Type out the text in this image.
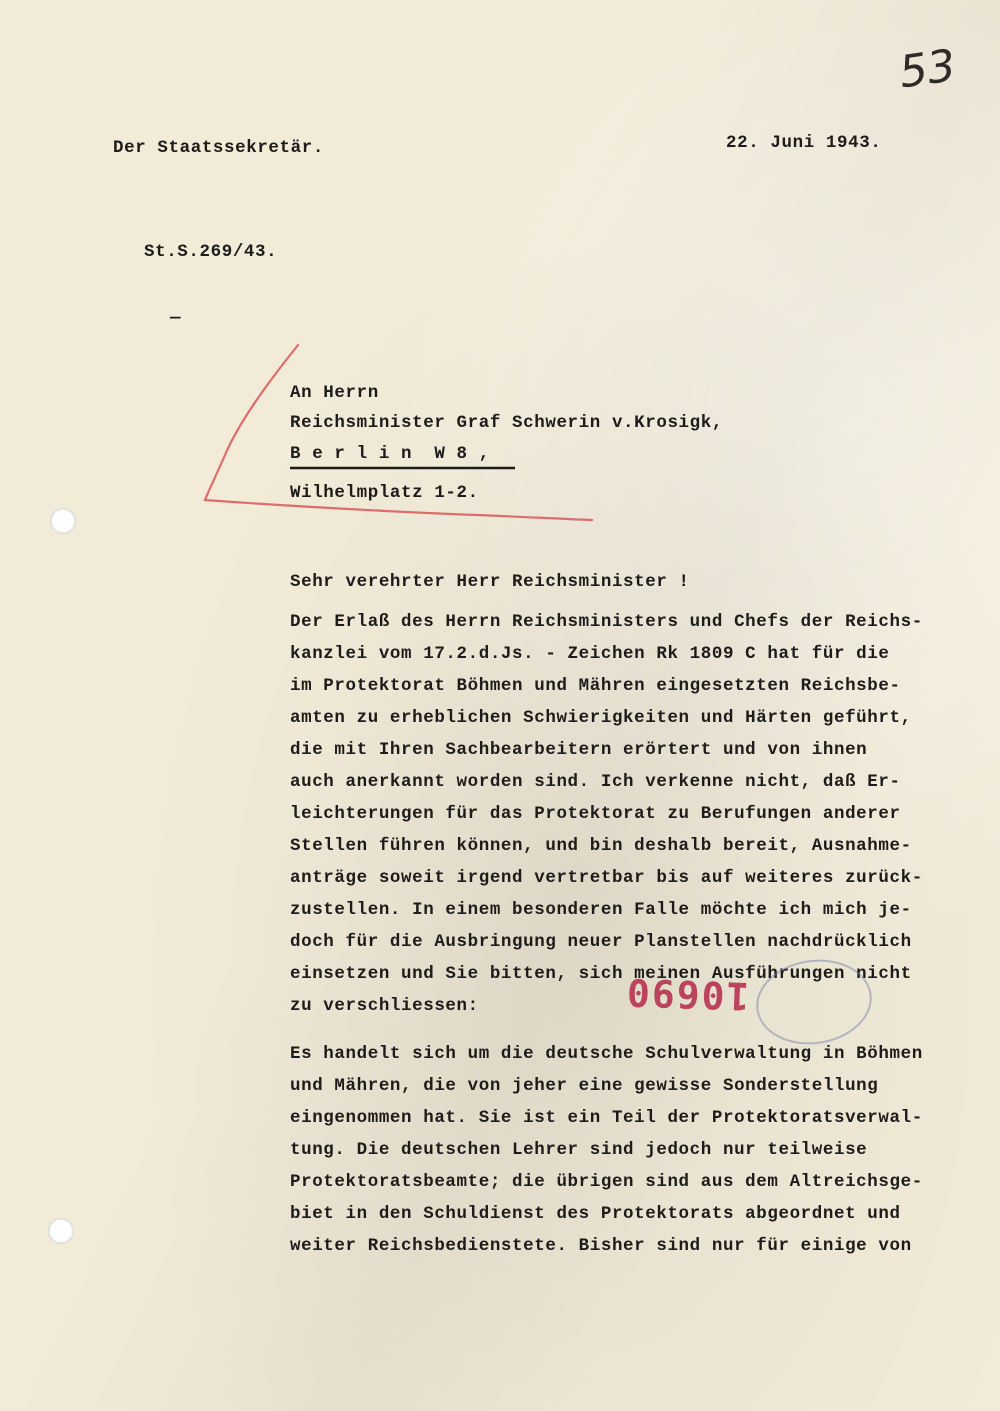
53
Der Staatssekretär.	22. Juni 1943.
St.S.269/43.
—
An Herrn
Reichsminister Graf Schwerin v.Krosigk,
B e r l i n  W 8 ,
Wilhelmplatz 1-2.
Sehr verehrter Herr Reichsminister !
Der Erlaß des Herrn Reichsministers und Chefs der Reichs-
kanzlei vom 17.2.d.Js. - Zeichen Rk 1809 C hat für die
im Protektorat Böhmen und Mähren eingesetzten Reichsbe-
amten zu erheblichen Schwierigkeiten und Härten geführt,
die mit Ihren Sachbearbeitern erörtert und von ihnen
auch anerkannt worden sind. Ich verkenne nicht, daß Er-
leichterungen für das Protektorat zu Berufungen anderer
Stellen führen können, und bin deshalb bereit, Ausnahme-
anträge soweit irgend vertretbar bis auf weiteres zurück-
zustellen. In einem besonderen Falle möchte ich mich je-
doch für die Ausbringung neuer Planstellen nachdrücklich
einsetzen und Sie bitten, sich meinen Ausführungen nicht
zu verschliessen:
Es handelt sich um die deutsche Schulverwaltung in Böhmen
und Mähren, die von jeher eine gewisse Sonderstellung
eingenommen hat. Sie ist ein Teil der Protektoratsverwal-
tung. Die deutschen Lehrer sind jedoch nur teilweise
Protektoratsbeamte; die übrigen sind aus dem Altreichsge-
biet in den Schuldienst des Protektorats abgeordnet und
weiter Reichsbedienstete. Bisher sind nur für einige von
10690
